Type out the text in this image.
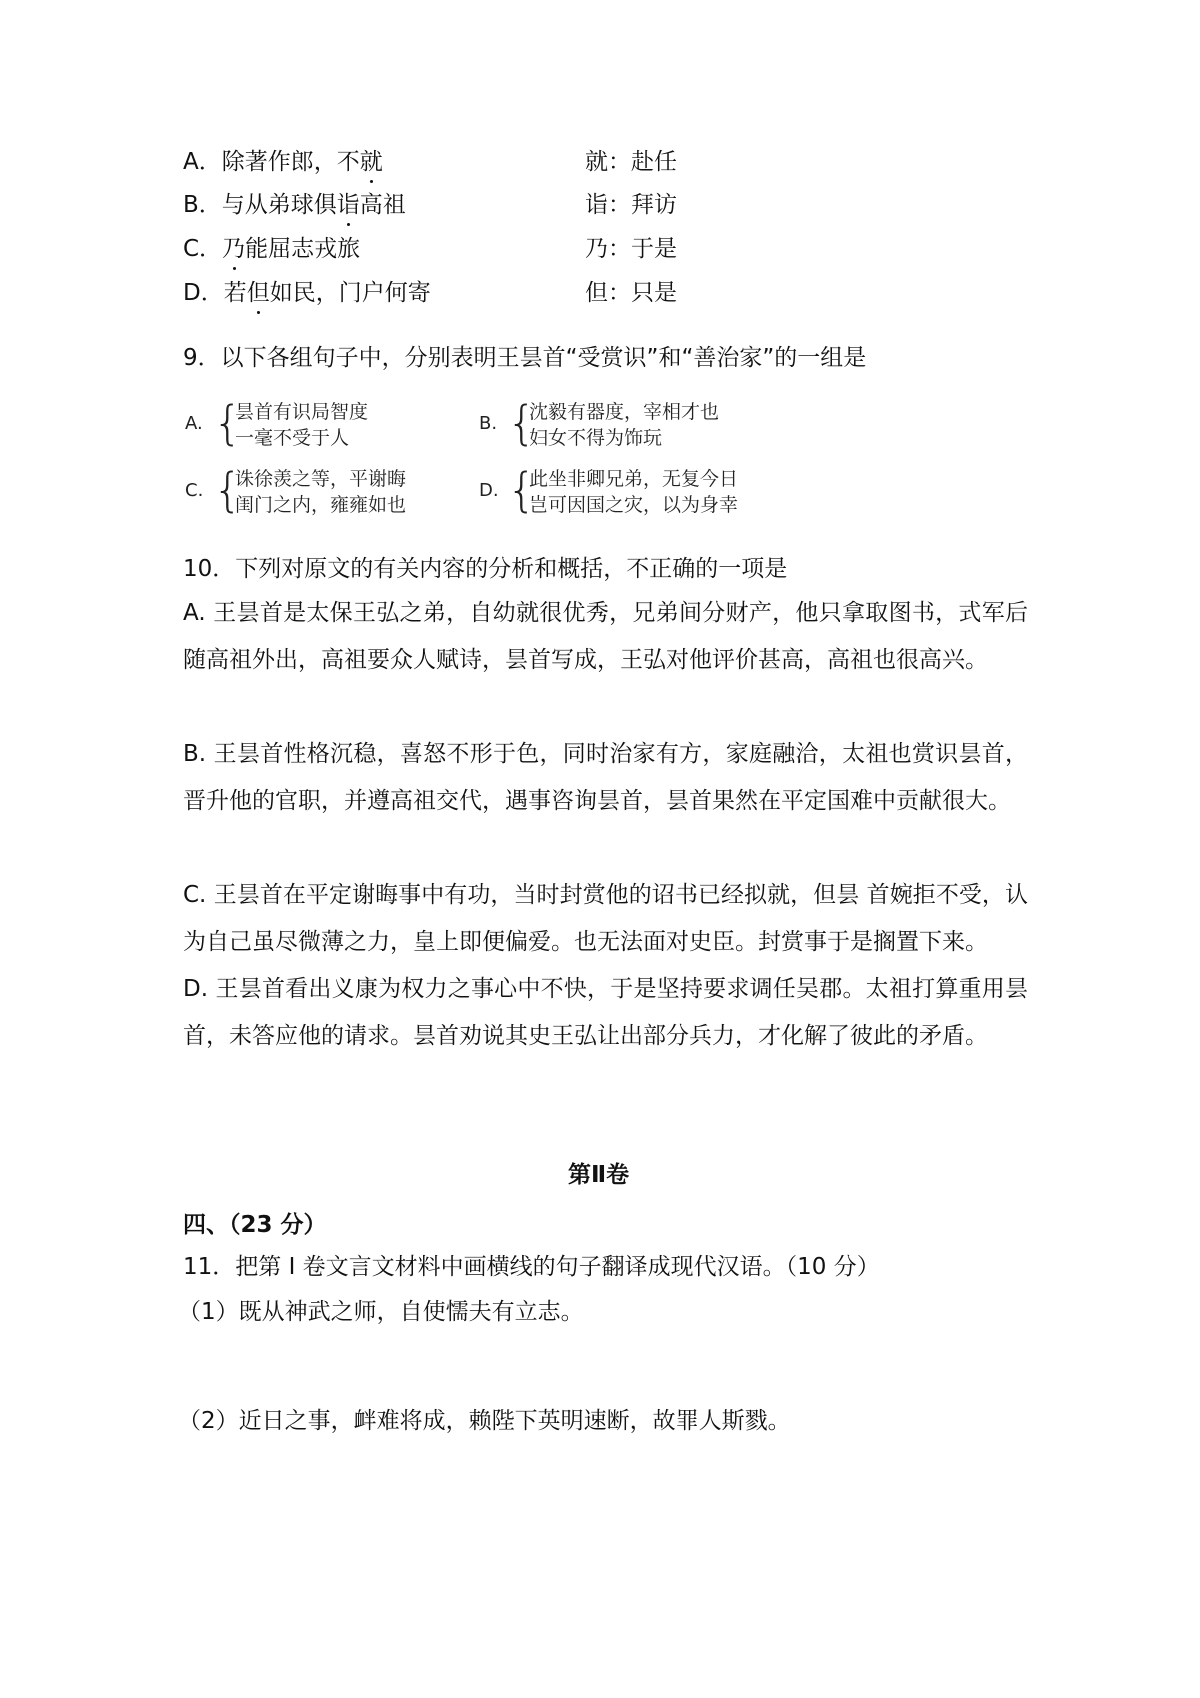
A．除著作郎，不就	就：赴任
B．与从弟球俱诣高祖	诣：拜访
C．乃能屈志戎旅	乃：于是
D．若但如民，门户何寄	但：只是
9．以下各组句子中，分别表明王昙首“受赏识”和“善治家”的一组是
A. {
昙首有识局智度
一毫不受于人
B. {
沈毅有器度，宰相才也
妇女不得为饰玩
C. {
诛徐羡之等，平谢晦
闺门之内，雍雍如也
D. {
此坐非卿兄弟，无复今日
岂可因国之灾，以为身幸
10．下列对原文的有关内容的分析和概括，不正确的一项是
A. 王昙首是太保王弘之弟，自幼就很优秀，兄弟间分财产，他只拿取图书，式军后随高祖外出，高祖要众人赋诗，昙首写成，王弘对他评价甚高，高祖也很高兴。
B. 王昙首性格沉稳，喜怒不形于色，同时治家有方，家庭融洽，太祖也赏识昙首，晋升他的官职，并遵高祖交代，遇事咨询昙首，昙首果然在平定国难中贡献很大。
C. 王昙首在平定谢晦事中有功，当时封赏他的诏书已经拟就，但昙 首婉拒不受，认为自己虽尽微薄之力，皇上即便偏爱。也无法面对史臣。封赏事于是搁置下来。
D. 王昙首看出义康为权力之事心中不快，于是坚持要求调任吴郡。太祖打算重用昙首，未答应他的请求。昙首劝说其史王弘让出部分兵力，才化解了彼此的矛盾。
第Ⅱ卷
四、（23 分）
11．把第 I 卷文言文材料中画横线的句子翻译成现代汉语。（10 分）
（1）既从神武之师，自使懦夫有立志。
（2）近日之事，衅难将成，赖陛下英明速断，故罪人斯戮。
